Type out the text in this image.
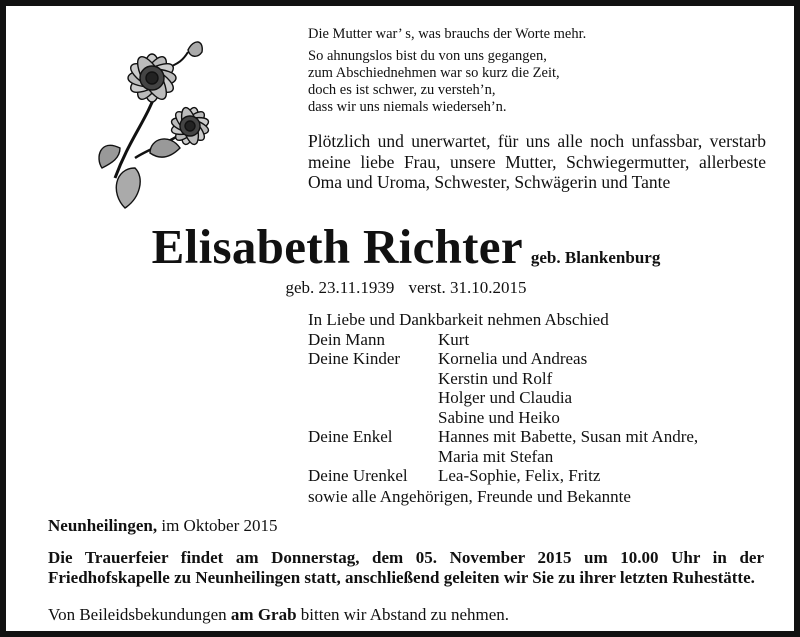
Die Mutter war’ s, was brauchs der Worte mehr.
So ahnungslos bist du von uns gegangen,
zum Abschiednehmen war so kurz die Zeit,
doch es ist schwer, zu versteh’n,
dass wir uns niemals wiederseh’n.
Plötzlich und unerwartet, für uns alle noch unfassbar, verstarb meine liebe Frau, unsere Mutter, Schwiegermutter, allerbeste Oma und Uroma, Schwester, Schwägerin und Tante
Elisabeth Richter geb. Blankenburg
geb. 23.11.1939 verst. 31.10.2015
In Liebe und Dankbarkeit nehmen Abschied
Dein Mann	Kurt
Deine Kinder	Kornelia und Andreas
Kerstin und Rolf
Holger und Claudia
Sabine und Heiko
Deine Enkel	Hannes mit Babette, Susan mit Andre,
Maria mit Stefan
Deine Urenkel	Lea-Sophie, Felix, Fritz
sowie alle Angehörigen, Freunde und Bekannte
Neunheilingen, im Oktober 2015
Die Trauerfeier findet am Donnerstag, dem 05. November 2015 um 10.00 Uhr in der Friedhofskapelle zu Neunheilingen statt, anschließend geleiten wir Sie zu ihrer letzten Ruhestätte.
Von Beileidsbekundungen am Grab bitten wir Abstand zu nehmen.
